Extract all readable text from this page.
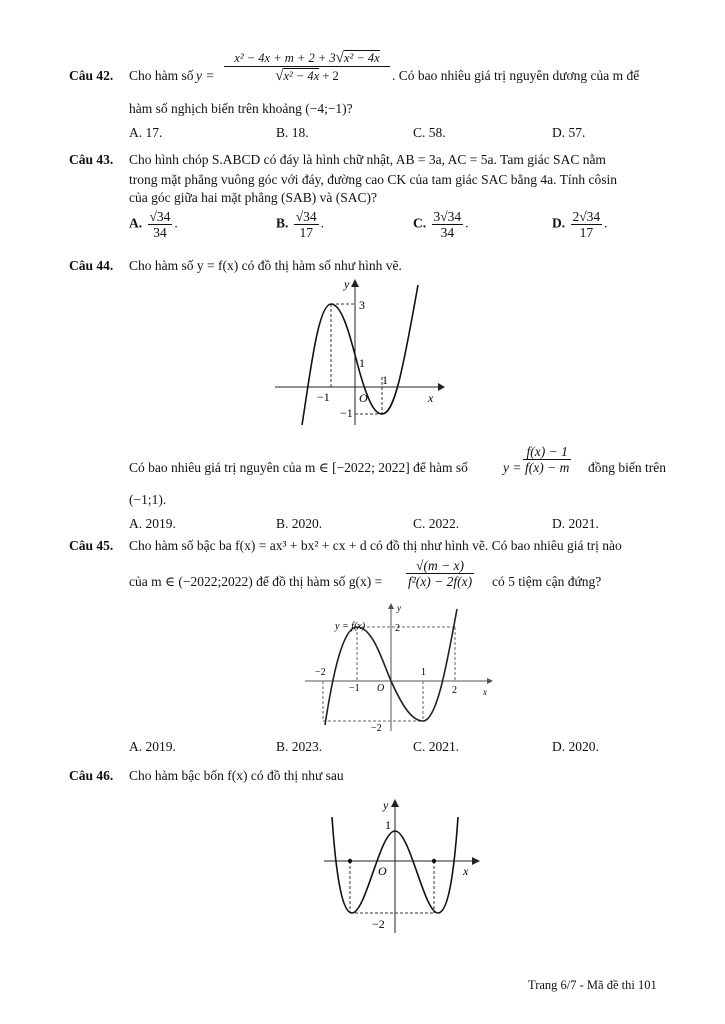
Câu 42. Cho hàm số y =
x² − 4x + m + 2 + 3√x² − 4x
√x² − 4x + 2	. Có bao nhiêu giá trị nguyên dương của m để
hàm số nghịch biến trên khoảng (−4;−1)?
A. 17.	B. 18.	C. 58.	D. 57.
Câu 43. Cho hình chóp S.ABCD có đáy là hình chữ nhật, AB = 3a, AC = 5a. Tam giác SAC nằm
trong mặt phẳng vuông góc với đáy, đường cao CK của tam giác SAC bằng 4a. Tính côsin
của góc giữa hai mặt phẳng (SAB) và (SAC)?
A. $\frac{√34}{34}$ .	B. $\frac{√34}{17}$ .	C. $\frac{3√34}{34}$ .	D. $\frac{2√34}{17}$ .
Câu 44. Cho hàm số y = f(x) có đồ thị hàm số như hình vẽ.
y
x
3
1
1
−1 O
−1
Có bao nhiêu giá trị nguyên của m ∈ [−2022; 2022] để hàm số	$y = \frac{f(x) - 1}{f(x) - m}$ đồng biến trên
(−1;1).
A. 2019.	B. 2020.	C. 2022.	D. 2021.
Câu 45. Cho hàm số bậc ba f(x) = ax³ + bx² + cx + d có đồ thị như hình vẽ. Có bao nhiêu giá trị nào
của m ∈ (−2022;2022) để đồ thị hàm số $g(x) = \frac{√(m - x)}{\text{f²(x) − 2f(x)}}$ có 5 tiệm cận đứng?
y = f(x)
y
x
2
−2
−2
−1 O
1
2
A. 2019.	B. 2023.	C. 2021.	D. 2020.
Câu 46. Cho hàm bậc bốn f(x) có đồ thị như sau
y
x
1
O
−2
Trang 6/7 - Mã đề thi 101
